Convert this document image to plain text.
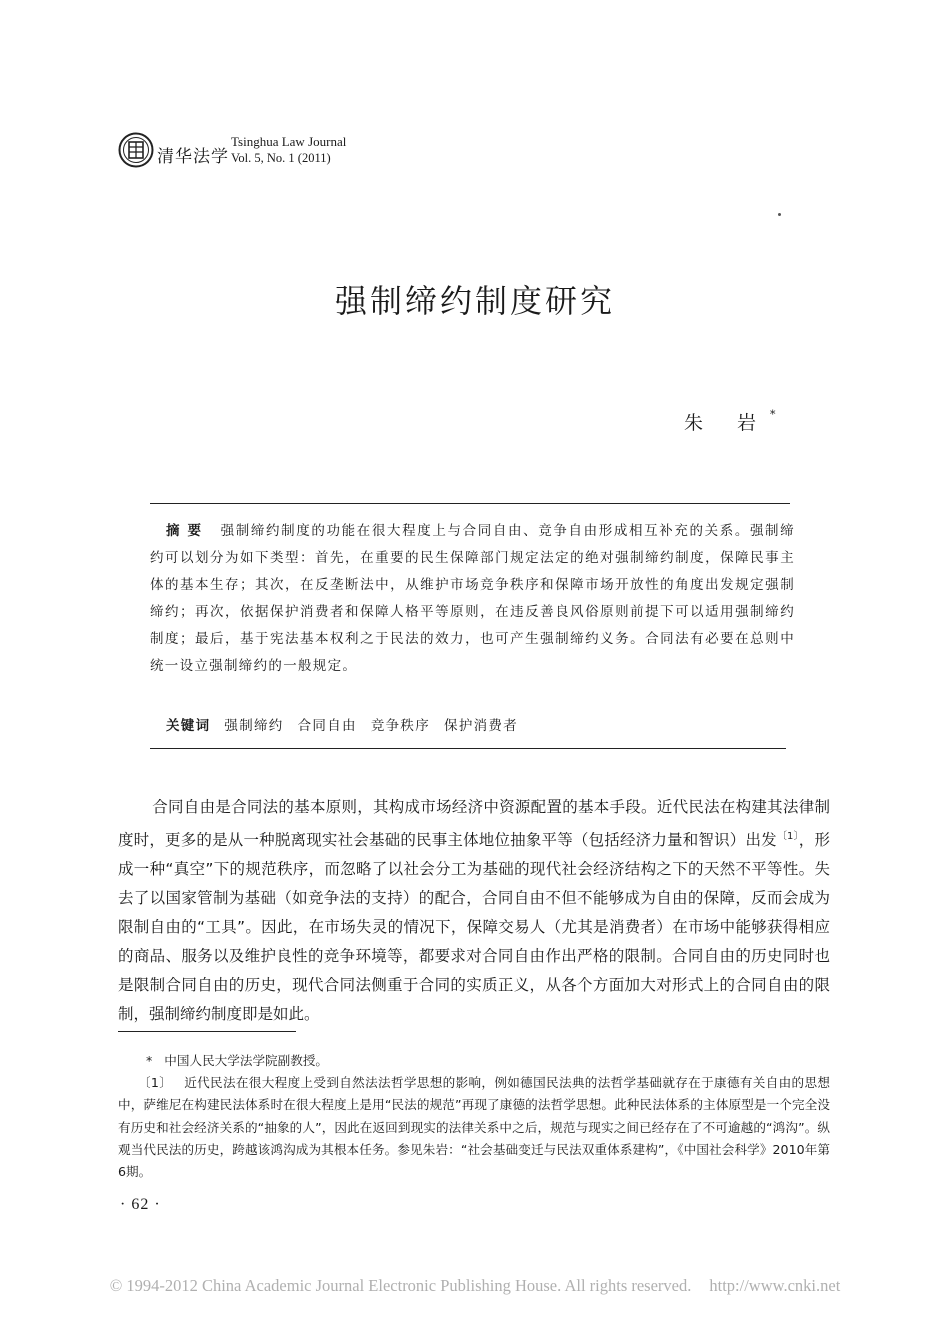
清华法学
Tsinghua Law Journal
Vol. 5, No. 1 (2011)
强制缔约制度研究
朱 岩*

摘 要 强制缔约制度的功能在很大程度上与合同自由、竞争自由形成相互补充的关系。强制缔约可以划分为如下类型：首先，在重要的民生保障部门规定法定的绝对强制缔约制度，保障民事主体的基本生存；其次，在反垄断法中，从维护市场竞争秩序和保障市场开放性的角度出发规定强制缔约；再次，依据保护消费者和保障人格平等原则，在违反善良风俗原则前提下可以适用强制缔约制度；最后，基于宪法基本权利之于民法的效力，也可产生强制缔约义务。合同法有必要在总则中统一设立强制缔约的一般规定。

关键词 强制缔约 合同自由 竞争秩序 保护消费者

合同自由是合同法的基本原则，其构成市场经济中资源配置的基本手段。近代民法在构建其法律制度时，更多的是从一种脱离现实社会基础的民事主体地位抽象平等（包括经济力量和智识）出发$^{〔1〕}$，形成一种“真空”下的规范秩序，而忽略了以社会分工为基础的现代社会经济结构之下的天然不平等性。失去了以国家管制为基础（如竞争法的支持）的配合，合同自由不但不能够成为自由的保障，反而会成为限制自由的“工具”。因此，在市场失灵的情况下，保障交易人（尤其是消费者）在市场中能够获得相应的商品、服务以及维护良性的竞争环境等，都要求对合同自由作出严格的限制。合同自由的历史同时也是限制合同自由的历史，现代合同法侧重于合同的实质正义，从各个方面加大对形式上的合同自由的限制，强制缔约制度即是如此。

* 中国人民大学法学院副教授。

〔1〕 近代民法在很大程度上受到自然法法哲学思想的影响，例如德国民法典的法哲学基础就存在于康德有关自由的思想中，萨维尼在构建民法体系时在很大程度上是用“民法的规范”再现了康德的法哲学思想。此种民法体系的主体原型是一个完全没有历史和社会经济关系的“抽象的人”，因此在返回到现实的法律关系中之后，规范与现实之间已经存在了不可逾越的“鸿沟”。纵观当代民法的历史，跨越该鸿沟成为其根本任务。参见朱岩：“社会基础变迁与民法双重体系建构”，《中国社会科学》2010年第6期。

· 62 ·
© 1994-2012 China Academic Journal Electronic Publishing House. All rights reserved. http://www.cnki.net
